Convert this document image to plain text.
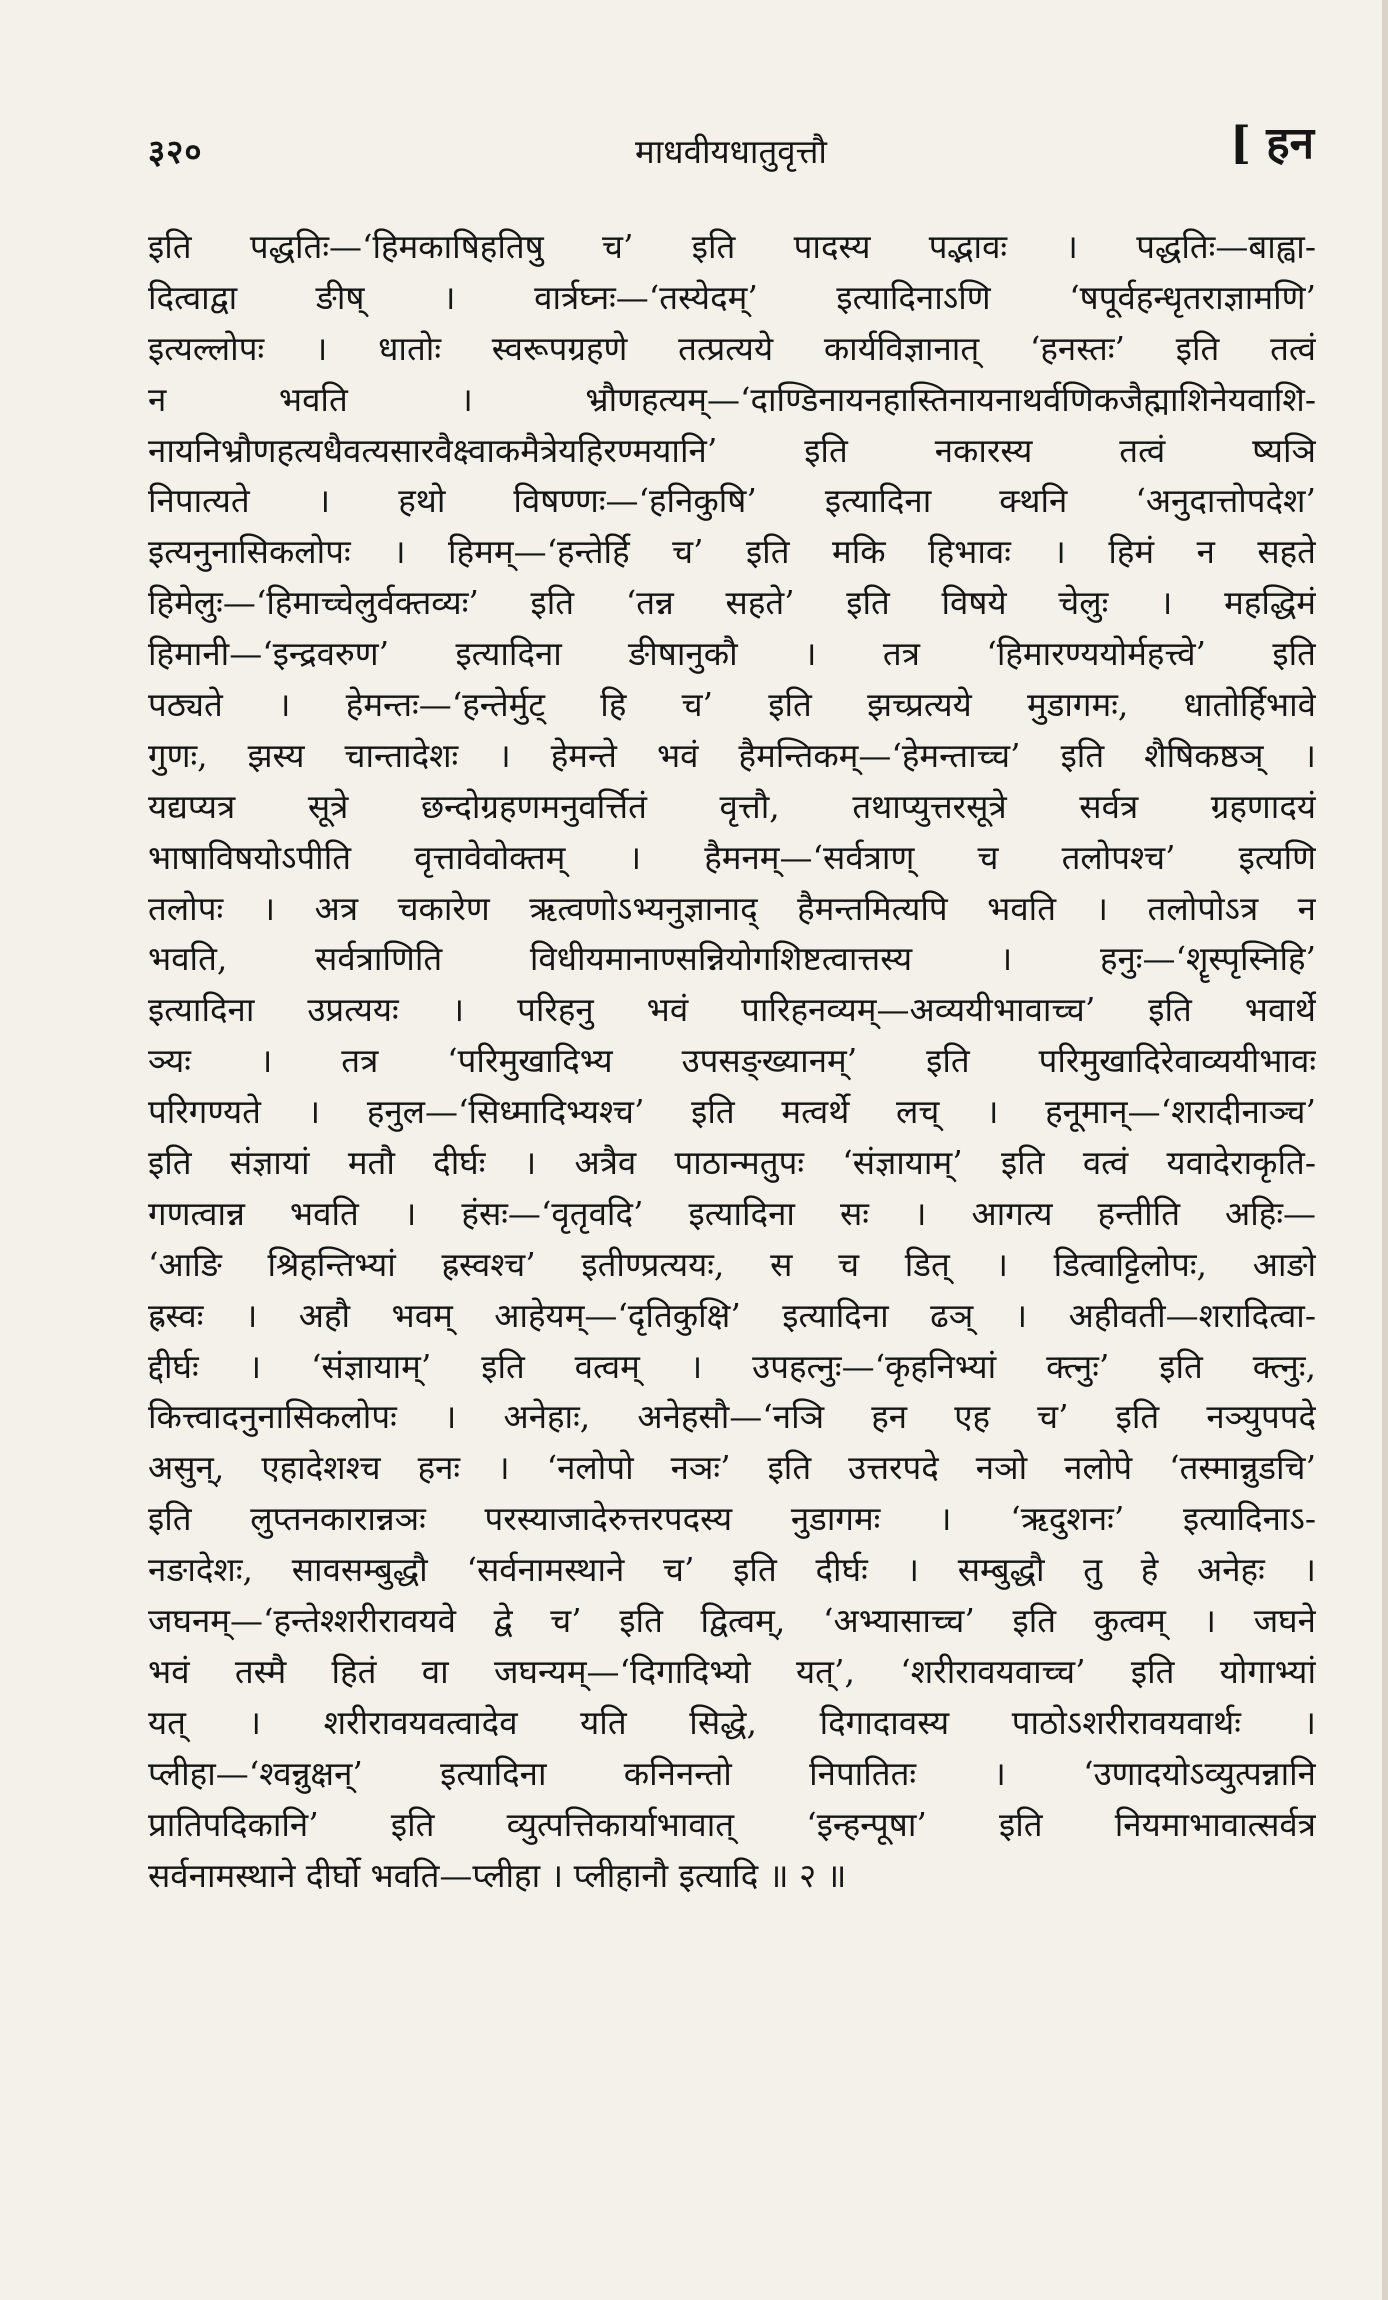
३२०	माधवीयधातुवृत्तौ	[ हन
इति पद्धतिः—‘हिमकाषिहतिषु च’ इति पादस्य पद्भावः । पद्धतिः—बाह्वा-
दित्वाद्वा ङीष् । वार्त्रघ्नः—‘तस्येदम्’ इत्यादिनाऽणि ‘षपूर्वहन्धृतराज्ञामणि’
इत्यल्लोपः । धातोः स्वरूपग्रहणे तत्प्रत्यये कार्यविज्ञानात् ‘हनस्तः’ इति तत्वं
न भवति । भ्रौणहत्यम्—‘दाण्डिनायनहास्तिनायनाथर्वणिकजैह्माशिनेयवाशि-
नायनिभ्रौणहत्यधैवत्यसारवैक्ष्वाकमैत्रेयहिरण्मयानि’ इति नकारस्य तत्वं ष्यञि
निपात्यते । हथो विषण्णः—‘हनिकुषि’ इत्यादिना क्थनि ‘अनुदात्तोपदेश’
इत्यनुनासिकलोपः । हिमम्—‘हन्तेर्हि च’ इति मकि हिभावः । हिमं न सहते
हिमेलुः—‘हिमाच्चेलुर्वक्तव्यः’ इति ‘तन्न सहते’ इति विषये चेलुः । महद्धिमं
हिमानी—‘इन्द्रवरुण’ इत्यादिना ङीषानुकौ । तत्र ‘हिमारण्ययोर्महत्त्वे’ इति
पठ्यते । हेमन्तः—‘हन्तेर्मुट् हि च’ इति झच्प्रत्यये मुडागमः, धातोर्हिभावे
गुणः, झस्य चान्तादेशः । हेमन्ते भवं हैमन्तिकम्—‘हेमन्ताच्च’ इति शैषिकष्ठञ् ।
यद्यप्यत्र सूत्रे छन्दोग्रहणमनुवर्त्तितं वृत्तौ, तथाप्युत्तरसूत्रे सर्वत्र ग्रहणादयं
भाषाविषयोऽपीति वृत्तावेवोक्तम् । हैमनम्—‘सर्वत्राण् च तलोपश्च’ इत्यणि
तलोपः । अत्र चकारेण ऋत्वणोऽभ्यनुज्ञानाद् हैमन्तमित्यपि भवति । तलोपोऽत्र न
भवति, सर्वत्राणिति विधीयमानाण्सन्नियोगशिष्टत्वात्तस्य । हनुः—‘शॄस्पृस्निहि’
इत्यादिना उप्रत्ययः । परिहनु भवं पारिहनव्यम्—अव्ययीभावाच्च’ इति भवार्थे
ञ्यः । तत्र ‘परिमुखादिभ्य उपसङ्ख्यानम्’ इति परिमुखादिरेवाव्ययीभावः
परिगण्यते । हनुल—‘सिध्मादिभ्यश्च’ इति मत्वर्थे लच् । हनूमान्—‘शरादीनाञ्च’
इति संज्ञायां मतौ दीर्घः । अत्रैव पाठान्मतुपः ‘संज्ञायाम्’ इति वत्वं यवादेराकृति-
गणत्वान्न भवति । हंसः—‘वृतृवदि’ इत्यादिना सः । आगत्य हन्तीति अहिः—
‘आङि श्रिहन्तिभ्यां ह्रस्वश्च’ इतीण्प्रत्ययः, स च डित् । डित्वाट्टिलोपः, आङो
ह्रस्वः । अहौ भवम् आहेयम्—‘दृतिकुक्षि’ इत्यादिना ढञ् । अहीवती—शरादित्वा-
द्दीर्घः । ‘संज्ञायाम्’ इति वत्वम् । उपहत्नुः—‘कृहनिभ्यां क्त्नुः’ इति क्त्नुः,
कित्त्वादनुनासिकलोपः । अनेहाः, अनेहसौ—‘नञि हन एह च’ इति नञ्युपपदे
असुन्, एहादेशश्च हनः । ‘नलोपो नञः’ इति उत्तरपदे नञो नलोपे ‘तस्मान्नुडचि’
इति लुप्तनकारान्नञः परस्याजादेरुत्तरपदस्य नुडागमः । ‘ऋदुशनः’ इत्यादिनाऽ-
नङादेशः, सावसम्बुद्धौ ‘सर्वनामस्थाने च’ इति दीर्घः । सम्बुद्धौ तु हे अनेहः ।
जघनम्—‘हन्तेश्शरीरावयवे द्वे च’ इति द्वित्वम्, ‘अभ्यासाच्च’ इति कुत्वम् । जघने
भवं तस्मै हितं वा जघन्यम्—‘दिगादिभ्यो यत्’, ‘शरीरावयवाच्च’ इति योगाभ्यां
यत् । शरीरावयवत्वादेव यति सिद्धे, दिगादावस्य पाठोऽशरीरावयवार्थः ।
प्लीहा—‘श्वन्नुक्षन्’ इत्यादिना कनिनन्तो निपातितः । ‘उणादयोऽव्युत्पन्नानि
प्रातिपदिकानि’ इति व्युत्पत्तिकार्याभावात् ‘इन्हन्पूषा’ इति नियमाभावात्सर्वत्र
सर्वनामस्थाने दीर्घो भवति—प्लीहा । प्लीहानौ इत्यादि ॥ २ ॥
